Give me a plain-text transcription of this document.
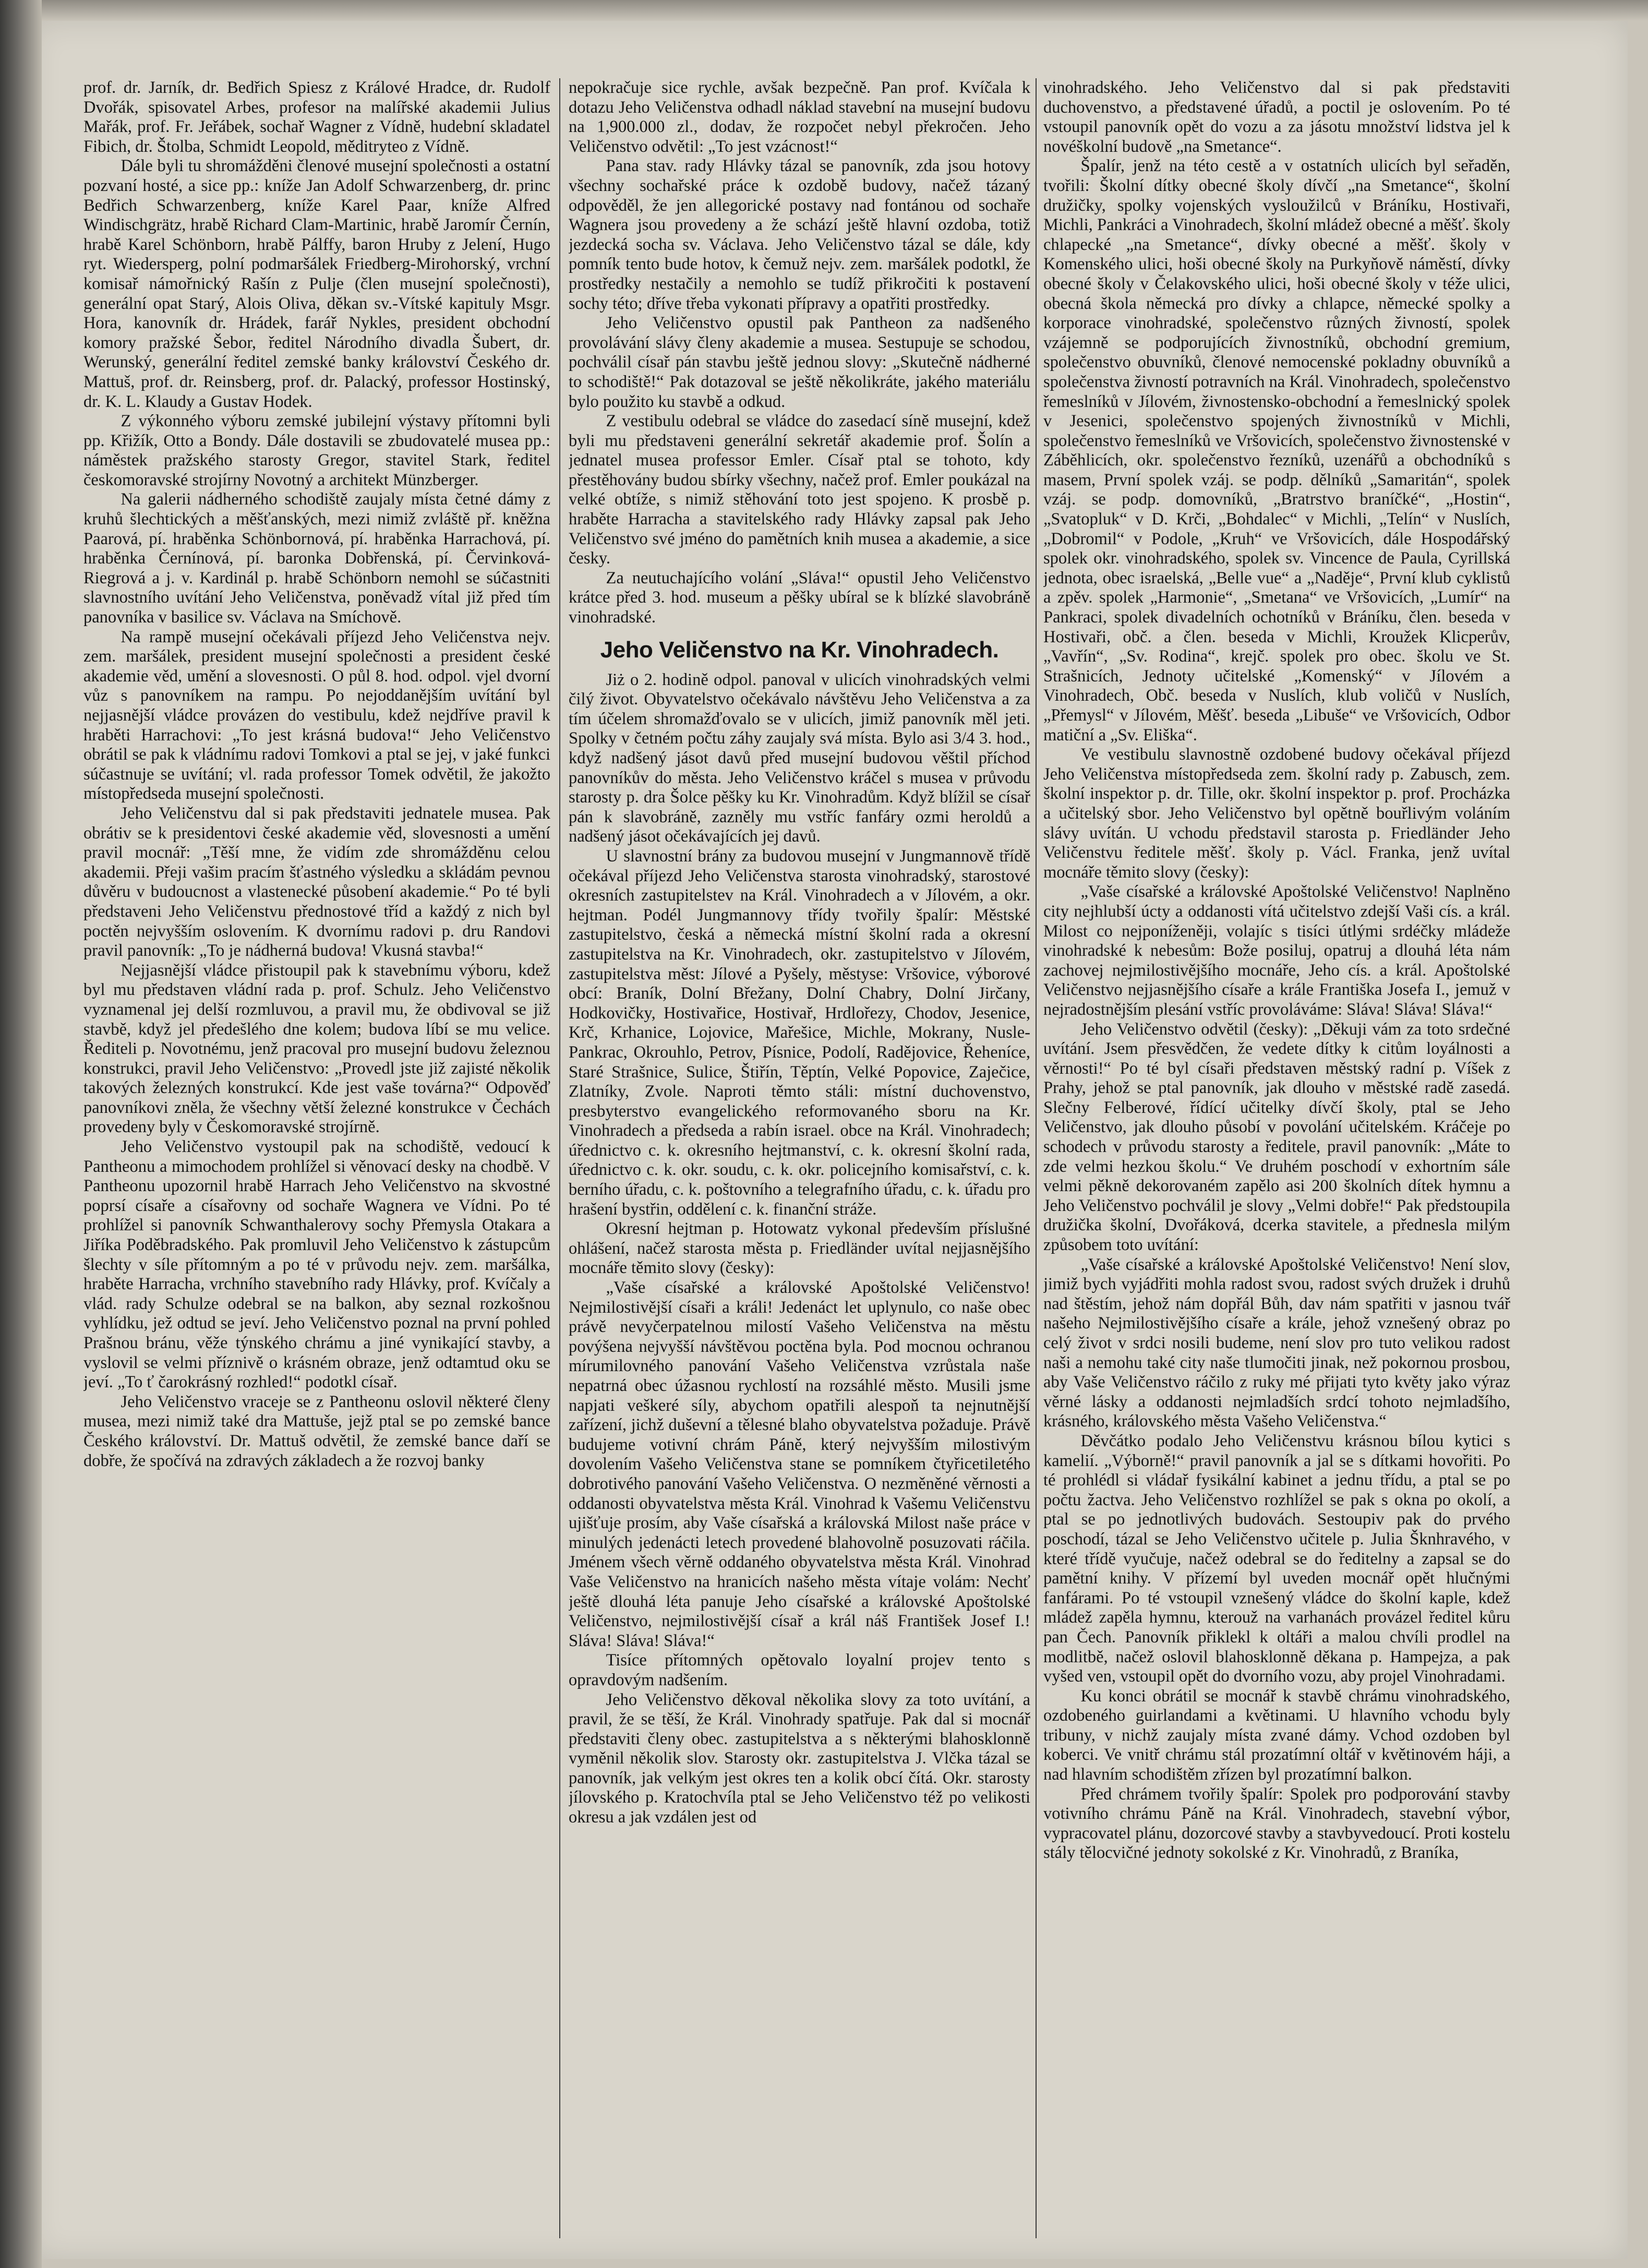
prof. dr. Jarník, dr. Bedřich Spiesz z Králové Hradce, dr. Rudolf Dvořák, spisovatel Arbes, profesor na malířské akademii Julius Mařák, prof. Fr. Jeřábek, sochař Wagner z Vídně, hudební skladatel Fibich, dr. Štolba, Schmidt Leopold, měditryteo z Vídně.

Dále byli tu shromážděni členové musejní společnosti a ostatní pozvaní hosté, a sice pp.: kníže Jan Adolf Schwarzenberg, dr. princ Bedřich Schwarzenberg, kníže Karel Paar, kníže Alfred Windischgrätz, hrabě Richard Clam-Martinic, hrabě Jaromír Černín, hrabě Karel Schönborn, hrabě Pálffy, baron Hruby z Jelení, Hugo ryt. Wiedersperg, polní podmaršálek Friedberg-Mirohorský, vrchní komisař námořnický Rašín z Pulje (člen musejní společnosti), generální opat Starý, Alois Oliva, děkan sv.-Vítské kapituly Msgr. Hora, kanovník dr. Hrádek, farář Nykles, president obchodní komory pražské Šebor, ředitel Národního divadla Šubert, dr. Werunský, generální ředitel zemské banky království Českého dr. Mattuš, prof. dr. Reinsberg, prof. dr. Palacký, professor Hostinský, dr. K. L. Klaudy a Gustav Hodek.

Z výkonného výboru zemské jubilejní výstavy přítomni byli pp. Křižík, Otto a Bondy. Dále dostavili se zbudovatelé musea pp.: náměstek pražského starosty Gregor, stavitel Stark, ředitel českomoravské strojírny Novotný a architekt Münzberger.

Na galerii nádherného schodiště zaujaly místa četné dámy z kruhů šlechtických a měšťanských, mezi nimiž zvláště př. kněžna Paarová, pí. hraběnka Schönbornová, pí. hraběnka Harrachová, pí. hraběnka Černínová, pí. baronka Dobřenská, pí. Červinková-Riegrová a j. v. Kardinál p. hrabě Schönborn nemohl se súčastniti slavnostního uvítání Jeho Veličenstva, poněvadž vítal již před tím panovníka v basilice sv. Václava na Smíchově.

Na rampě musejní očekávali příjezd Jeho Veličenstva nejv. zem. maršálek, president musejní společnosti a president české akademie věd, umění a slovesnosti. O půl 8. hod. odpol. vjel dvorní vůz s panovníkem na rampu. Po nejoddanějším uvítání byl nejjasnější vládce provázen do vestibulu, kdež nejdříve pravil k hraběti Harrachovi: „To jest krásná budova!“ Jeho Veličenstvo obrátil se pak k vládnímu radovi Tomkovi a ptal se jej, v jaké funkci súčastnuje se uvítání; vl. rada professor Tomek odvětil, že jakožto místopředseda musejní společnosti.

Jeho Veličenstvu dal si pak představiti jednatele musea. Pak obrátiv se k presidentovi české akademie věd, slovesnosti a umění pravil mocnář: „Těší mne, že vidím zde shromážděnu celou akademii. Přeji vašim pracím šťastného výsledku a skládám pevnou důvěru v budoucnost a vlastenecké působení akademie.“ Po té byli představeni Jeho Veličenstvu přednostové tříd a každý z nich byl poctěn nejvyšším oslovením. K dvornímu radovi p. dru Randovi pravil panovník: „To je nádherná budova! Vkusná stavba!“

Nejjasnější vládce přistoupil pak k stavebnímu výboru, kdež byl mu představen vládní rada p. prof. Schulz. Jeho Veličenstvo vyznamenal jej delší rozmluvou, a pravil mu, že obdivoval se již stavbě, když jel předešlého dne kolem; budova líbí se mu velice. Řediteli p. Novotnému, jenž pracoval pro musejní budovu železnou konstrukci, pravil Jeho Veličenstvo: „Provedl jste již zajisté několik takových železných konstrukcí. Kde jest vaše továrna?“ Odpověď panovníkovi zněla, že všechny větší železné konstrukce v Čechách provedeny byly v Českomoravské strojírně.

Jeho Veličenstvo vystoupil pak na schodiště, vedoucí k Pantheonu a mimochodem prohlížel si věnovací desky na chodbě. V Pantheonu upozornil hrabě Harrach Jeho Veličenstvo na skvostné poprsí císaře a císařovny od sochaře Wagnera ve Vídni. Po té prohlížel si panovník Schwanthalerovy sochy Přemysla Otakara a Jiříka Poděbradského. Pak promluvil Jeho Veličenstvo k zástupcům šlechty v síle přítomným a po té v průvodu nejv. zem. maršálka, hraběte Harracha, vrchního stavebního rady Hlávky, prof. Kvíčaly a vlád. rady Schulze odebral se na balkon, aby seznal rozkošnou vyhlídku, jež odtud se jeví. Jeho Veličenstvo poznal na první pohled Prašnou bránu, věže týnského chrámu a jiné vynikající stavby, a vyslovil se velmi příznivě o krásném obraze, jenž odtamtud oku se jeví. „To ť čarokrásný rozhled!“ podotkl císař.

Jeho Veličenstvo vraceje se z Pantheonu oslovil některé členy musea, mezi nimiž také dra Mattuše, jejž ptal se po zemské bance Českého království. Dr. Mattuš odvětil, že zemské bance daří se dobře, že spočívá na zdravých základech a že rozvoj banky

nepokračuje sice rychle, avšak bezpečně. Pan prof. Kvíčala k dotazu Jeho Veličenstva odhadl náklad stavební na musejní budovu na 1,900.000 zl., dodav, že rozpočet nebyl překročen. Jeho Veličenstvo odvětil: „To jest vzácnost!“

Pana stav. rady Hlávky tázal se panovník, zda jsou hotovy všechny sochařské práce k ozdobě budovy, načež tázaný odpověděl, že jen allegorické postavy nad fontánou od sochaře Wagnera jsou provedeny a že schází ještě hlavní ozdoba, totiž jezdecká socha sv. Václava. Jeho Veličenstvo tázal se dále, kdy pomník tento bude hotov, k čemuž nejv. zem. maršálek podotkl, že prostředky nestačily a nemohlo se tudíž přikročiti k postavení sochy této; dříve třeba vykonati přípravy a opatřiti prostředky.

Jeho Veličenstvo opustil pak Pantheon za nadšeného provolávání slávy členy akademie a musea. Sestupuje se schodou, pochválil císař pán stavbu ještě jednou slovy: „Skutečně nádherné to schodiště!“ Pak dotazoval se ještě několikráte, jakého materiálu bylo použito ku stavbě a odkud.

Z vestibulu odebral se vládce do zasedací síně musejní, kdež byli mu představeni generální sekretář akademie prof. Šolín a jednatel musea professor Emler. Císař ptal se tohoto, kdy přestěhovány budou sbírky všechny, načež prof. Emler poukázal na velké obtíže, s nimiž stěhování toto jest spojeno. K prosbě p. hraběte Harracha a stavitelského rady Hlávky zapsal pak Jeho Veličenstvo své jméno do pamětních knih musea a akademie, a sice česky.

Za neutuchajícího volání „Sláva!“ opustil Jeho Veličenstvo krátce před 3. hod. museum a pěšky ubíral se k blízké slavobráně vinohradské.

Jeho Veličenstvo na Kr. Vinohradech.

Jiż o 2. hodině odpol. panoval v ulicích vinohradských velmi čilý život. Obyvatelstvo očekávalo návštěvu Jeho Veličenstva a za tím účelem shromažďovalo se v ulicích, jimiž panovník měl jeti. Spolky v četném počtu záhy zaujaly svá místa. Bylo asi 3/4 3. hod., když nadšený jásot davů před musejní budovou věštil příchod panovníkův do města. Jeho Veličenstvo kráčel s musea v průvodu starosty p. dra Šolce pěšky ku Kr. Vinohradům. Když blížil se císař pán k slavobráně, zazněly mu vstříc fanfáry ozmi heroldů a nadšený jásot očekávajících jej davů.

U slavnostní brány za budovou musejní v Jungmannově třídě očekával příjezd Jeho Veličenstva starosta vinohradský, starostové okresních zastupitelstev na Král. Vinohradech a v Jílovém, a okr. hejtman. Podél Jungmannovy třídy tvořily špalír: Městské zastupitelstvo, česká a německá místní školní rada a okresní zastupitelstva na Kr. Vinohradech, okr. zastupitelstvo v Jílovém, zastupitelstva měst: Jílové a Pyšely, městyse: Vršovice, výborové obcí: Braník, Dolní Břežany, Dolní Chabry, Dolní Jirčany, Hodkovičky, Hostivařice, Hostivař, Hrdlořezy, Chodov, Jesenice, Krč, Krhanice, Lojovice, Mařešice, Michle, Mokrany, Nusle-Pankrac, Okrouhlo, Petrov, Písnice, Podolí, Radějovice, Řeheníce, Staré Strašnice, Sulice, Štiřín, Těptín, Velké Popovice, Zaječice, Zlatníky, Zvole. Naproti těmto stáli: místní duchovenstvo, presbyterstvo evangelického reformovaného sboru na Kr. Vinohradech a předseda a rabín israel. obce na Král. Vinohradech; úřednictvo c. k. okresního hejtmanství, c. k. okresní školní rada, úřednictvo c. k. okr. soudu, c. k. okr. policejního komisařství, c. k. berního úřadu, c. k. poštovního a telegrafního úřadu, c. k. úřadu pro hrašení bystřin, oddělení c. k. finanční stráže.

Okresní hejtman p. Hotowatz vykonal především příslušné ohlášení, načež starosta města p. Friedländer uvítal nejjasnějšího mocnáře těmito slovy (česky):

„Vaše císařské a královské Apoštolské Veličenstvo! Nejmilostivější císaři a králi! Jedenáct let uplynulo, co naše obec právě nevyčerpatelnou milostí Vašeho Veličenstva na městu povýšena nejvyšší návštěvou poctěna byla. Pod mocnou ochranou mírumilovného panování Vašeho Veličenstva vzrůstala naše nepatrná obec úžasnou rychlostí na rozsáhlé město. Musili jsme napjati veškeré síly, abychom opatřili alespoň ta nejnutnější zařízení, jichž duševní a tělesné blaho obyvatelstva požaduje. Právě budujeme votivní chrám Páně, který nejvyšším milostivým dovolením Vašeho Veličenstva stane se pomníkem čtyřicetiletého dobrotivého panování Vašeho Veličenstva. O nezměněné věrnosti a oddanosti obyvatelstva města Král. Vinohrad k Vašemu Veličenstvu ujišťuje prosím, aby Vaše císařská a královská Milost naše práce v minulých jedenácti letech provedené blahovolně posuzovati ráčila. Jménem všech věrně oddaného obyvatelstva města Král. Vinohrad Vaše Veličenstvo na hranicích našeho města vítaje volám: Nechť ještě dlouhá léta panuje Jeho císařské a královské Apoštolské Veličenstvo, nejmilostivější císař a král náš František Josef I.! Sláva! Sláva! Sláva!“

Tisíce přítomných opětovalo loyalní projev tento s opravdovým nadšením.

Jeho Veličenstvo děkoval několika slovy za toto uvítání, a pravil, že se těší, že Král. Vinohrady spatřuje. Pak dal si mocnář představiti členy obec. zastupitelstva a s některými blahosklonně vyměnil několik slov. Starosty okr. zastupitelstva J. Vlčka tázal se panovník, jak velkým jest okres ten a kolik obcí čítá. Okr. starosty jílovského p. Kratochvíla ptal se Jeho Veličenstvo též po velikosti okresu a jak vzdálen jest od

vinohradského. Jeho Veličenstvo dal si pak představiti duchovenstvo, a představené úřadů, a poctil je oslovením. Po té vstoupil panovník opět do vozu a za jásotu množství lidstva jel k novéškolní budově „na Smetance“.

Špalír, jenž na této cestě a v ostatních ulicích byl seřaděn, tvořili: Školní dítky obecné školy dívčí „na Smetance“, školní družičky, spolky vojenských vysloužilců v Bráníku, Hostivaři, Michli, Pankráci a Vinohradech, školní mládež obecné a měšť. školy chlapecké „na Smetance“, dívky obecné a měšť. školy v Komenského ulici, hoši obecné školy na Purkyňově náměstí, dívky obecné školy v Čelakovského ulici, hoši obecné školy v téže ulici, obecná škola německá pro dívky a chlapce, německé spolky a korporace vinohradské, společenstvo různých živností, spolek vzájemně se podporujících živnostníků, obchodní gremium, společenstvo obuvníků, členové nemocenské pokladny obuvníků a společenstva živností potravních na Král. Vinohradech, společenstvo řemeslníků v Jílovém, živnostensko-obchodní a řemeslnický spolek v Jesenici, společenstvo spojených živnostníků v Michli, společenstvo řemeslníků ve Vršovicích, společenstvo živnostenské v Záběhlicích, okr. společenstvo řezníků, uzenářů a obchodníků s masem, První spolek vzáj. se podp. dělníků „Samaritán“, spolek vzáj. se podp. domovníků, „Bratrstvo braníčké“, „Hostin“, „Svatopluk“ v D. Krči, „Bohdalec“ v Michli, „Telín“ v Nuslích, „Dobromil“ v Podole, „Kruh“ ve Vršovicích, dále Hospodářský spolek okr. vinohradského, spolek sv. Vincence de Paula, Cyrillská jednota, obec israelská, „Belle vue“ a „Naděje“, První klub cyklistů a zpěv. spolek „Harmonie“, „Smetana“ ve Vršovicích, „Lumír“ na Pankraci, spolek divadelních ochotníků v Bráníku, člen. beseda v Hostivaři, obč. a člen. beseda v Michli, Kroužek Klicperův, „Vavřín“, „Sv. Rodina“, krejč. spolek pro obec. školu ve St. Strašnicích, Jednoty učitelské „Komenský“ v Jílovém a Vinohradech, Obč. beseda v Nuslích, klub voličů v Nuslích, „Přemysl“ v Jílovém, Měšť. beseda „Libuše“ ve Vršovicích, Odbor matiční a „Sv. Eliška“.

Ve vestibulu slavnostně ozdobené budovy očekával příjezd Jeho Veličenstva místopředseda zem. školní rady p. Zabusch, zem. školní inspektor p. dr. Tille, okr. školní inspektor p. prof. Procházka a učitelský sbor. Jeho Veličenstvo byl opětně bouřlivým voláním slávy uvítán. U vchodu představil starosta p. Friedländer Jeho Veličenstvu ředitele měšť. školy p. Václ. Franka, jenž uvítal mocnáře těmito slovy (česky):

„Vaše císařské a královské Apoštolské Veličenstvo! Naplněno city nejhlubší úcty a oddanosti vítá učitelstvo zdejší Vaši cís. a král. Milost co nejponíženěji, volajíc s tisíci útlými srdéčky mládeže vinohradské k nebesům: Bože posiluj, opatruj a dlouhá léta nám zachovej nejmilostivějšího mocnáře, Jeho cís. a král. Apoštolské Veličenstvo nejjasnějšího císaře a krále Františka Josefa I., jemuž v nejradostnějším plesání vstříc provoláváme: Sláva! Sláva! Sláva!“

Jeho Veličenstvo odvětil (česky): „Děkuji vám za toto srdečné uvítání. Jsem přesvědčen, že vedete dítky k citům loyálnosti a věrnosti!“ Po té byl císaři představen městský radní p. Víšek z Prahy, jehož se ptal panovník, jak dlouho v městské radě zasedá. Slečny Felberové, řídící učitelky dívčí školy, ptal se Jeho Veličenstvo, jak dlouho působí v povolání učitelském. Kráčeje po schodech v průvodu starosty a ředitele, pravil panovník: „Máte to zde velmi hezkou školu.“ Ve druhém poschodí v exhortním sále velmi pěkně dekorovaném zapělo asi 200 školních dítek hymnu a Jeho Veličenstvo pochválil je slovy „Velmi dobře!“ Pak předstoupila družička školní, Dvořáková, dcerka stavitele, a přednesla milým způsobem toto uvítání:

„Vaše císařské a královské Apoštolské Veličenstvo! Není slov, jimiž bych vyjádřiti mohla radost svou, radost svých družek i druhů nad štěstím, jehož nám dopřál Bůh, dav nám spatřiti v jasnou tvář našeho Nejmilostivějšího císaře a krále, jehož vznešený obraz po celý život v srdci nosili budeme, není slov pro tuto velikou radost naši a nemohu také city naše tlumočiti jinak, než pokornou prosbou, aby Vaše Veličenstvo ráčilo z ruky mé přijati tyto květy jako výraz věrné lásky a oddanosti nejmladších srdcí tohoto nejmladšího, krásného, královského města Vašeho Veličenstva.“

Děvčátko podalo Jeho Veličenstvu krásnou bílou kytici s kamelií. „Výborně!“ pravil panovník a jal se s dítkami hovořiti. Po té prohlédl si vládař fysikální kabinet a jednu třídu, a ptal se po počtu žactva. Jeho Veličenstvo rozhlížel se pak s okna po okolí, a ptal se po jednotlivých budovách. Sestoupiv pak do prvého poschodí, tázal se Jeho Veličenstvo učitele p. Julia Šknhravého, v které třídě vyučuje, načež odebral se do ředitelny a zapsal se do pamětní knihy. V přízemí byl uveden mocnář opět hlučnými fanfárami. Po té vstoupil vznešený vládce do školní kaple, kdež mládež zapěla hymnu, kterouž na varhanách provázel ředitel kůru pan Čech. Panovník přiklekl k oltáři a malou chvíli prodlel na modlitbě, načež oslovil blahosklonně děkana p. Hampejza, a pak vyšed ven, vstoupil opět do dvorního vozu, aby projel Vinohradami.

Ku konci obrátil se mocnář k stavbě chrámu vinohradského, ozdobeného guirlandami a květinami. U hlavního vchodu byly tribuny, v nichž zaujaly místa zvané dámy. Vchod ozdoben byl koberci. Ve vnitř chrámu stál prozatímní oltář v květinovém háji, a nad hlavním schodištěm zřízen byl prozatímní balkon.

Před chrámem tvořily špalír: Spolek pro podporování stavby votivního chrámu Páně na Král. Vinohradech, stavební výbor, vypracovatel plánu, dozorcové stavby a stavbyvedoucí. Proti kostelu stály tělocvičné jednoty sokolské z Kr. Vinohradů, z Braníka,
